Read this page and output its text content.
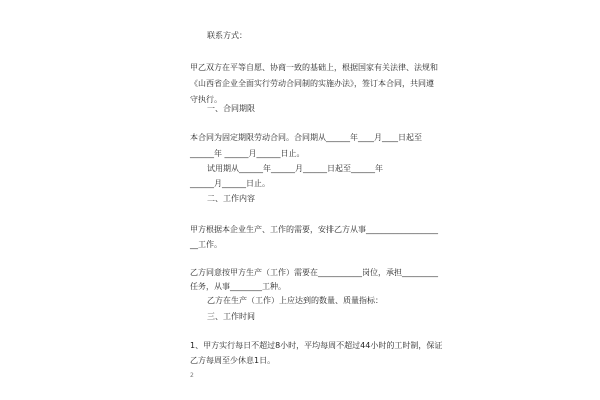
联系方式：
甲乙双方在平等自愿、协商一致的基础上，根据国家有关法律、法规和
《山西省企业全面实行劳动合同制的实施办法》，签订本合同，共同遵
守执行。
一、合同期限
本合同为固定期限劳动合同。合同期从______年____月____日起至
______年 ______月______日止。
试用期从______年______月______日起至______年
______月______日止。
二、工作内容
甲方根据本企业生产、工作的需要，安排乙方从事__________________
__工作。
乙方同意按甲方生产（工作）需要在___________岗位，承担_________
任务，从事________工种。
乙方在生产（工作）上应达到的数量、质量指标：
三、工作时间
1、甲方实行每日不超过8小时，平均每周不超过44小时的工时制，保证
乙方每周至少休息1日。
2
